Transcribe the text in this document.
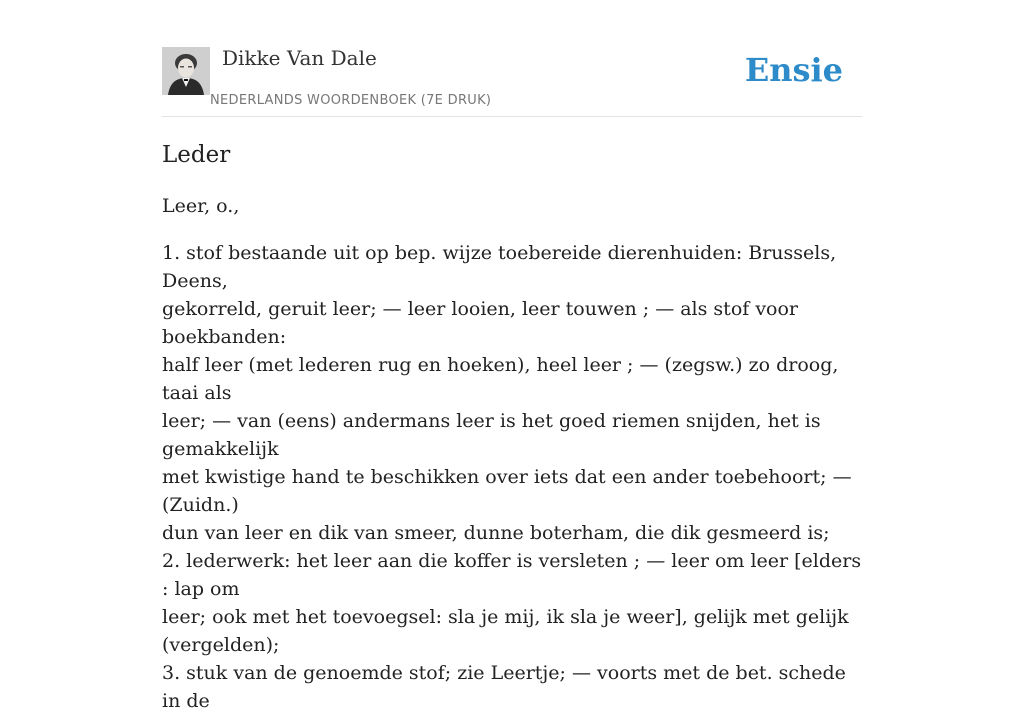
Dikke Van Dale
NEDERLANDS WOORDENBOEK (7E DRUK)
Ensie
Leder

Leer, o.,

1. stof bestaande uit op bep. wijze toebereide dierenhuiden: Brussels, Deens,
gekorreld, geruit leer; — leer looien, leer touwen ; — als stof voor boekbanden:
half leer (met lederen rug en hoeken), heel leer ; — (zegsw.) zo droog, taai als
leer; — van (eens) andermans leer is het goed riemen snijden, het is gemakkelijk
met kwistige hand te beschikken over iets dat een ander toebehoort; — (Zuidn.)
dun van leer en dik van smeer, dunne boterham, die dik gesmeerd is;
2. lederwerk: het leer aan die koffer is versleten ; — leer om leer [elders : lap om
leer; ook met het toevoegsel: sla je mij, ik sla je weer], gelijk met gelijk
(vergelden);
3. stuk van de genoemde stof; zie Leertje; — voorts met de bet. schede in de
